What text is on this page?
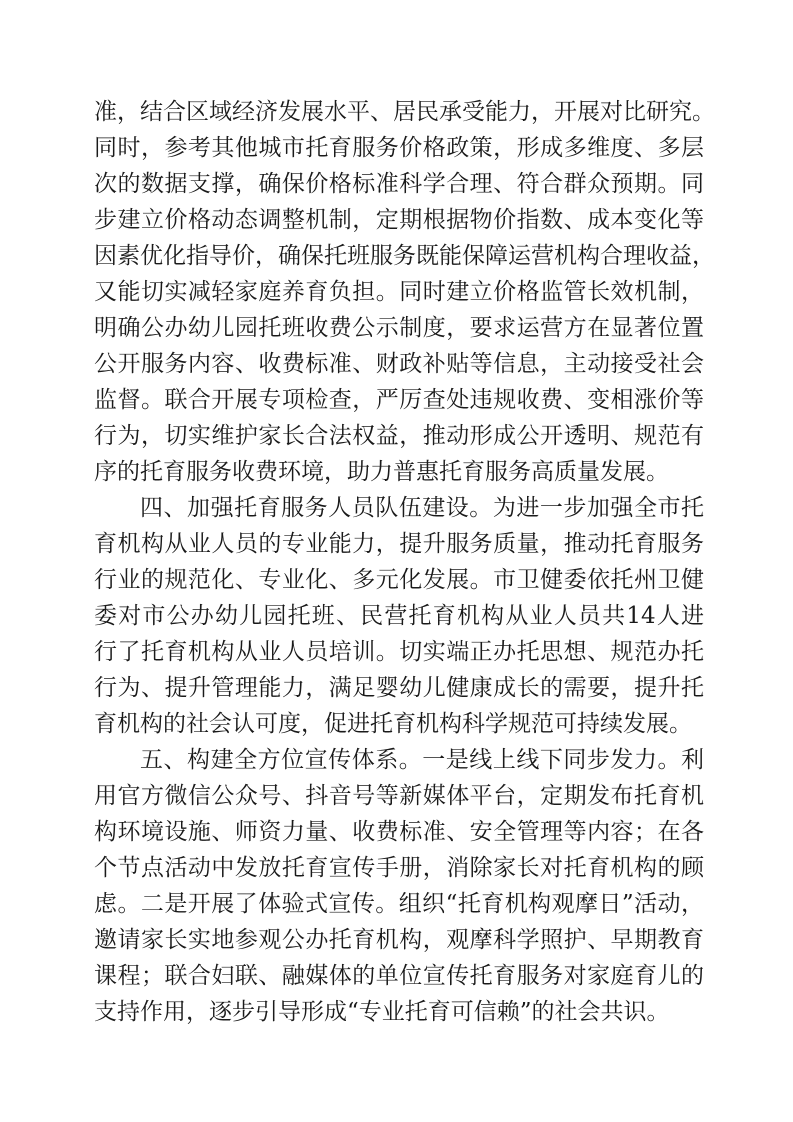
准，结合区域经济发展水平、居民承受能力，开展对比研究。
同时，参考其他城市托育服务价格政策，形成多维度、多层
次的数据支撑，确保价格标准科学合理、符合群众预期。同
步建立价格动态调整机制，定期根据物价指数、成本变化等
因素优化指导价，确保托班服务既能保障运营机构合理收益，
又能切实减轻家庭养育负担。同时建立价格监管长效机制，
明确公办幼儿园托班收费公示制度，要求运营方在显著位置
公开服务内容、收费标准、财政补贴等信息，主动接受社会
监督。联合开展专项检查，严厉查处违规收费、变相涨价等
行为，切实维护家长合法权益，推动形成公开透明、规范有
序的托育服务收费环境，助力普惠托育服务高质量发展。
四、加强托育服务人员队伍建设。为进一步加强全市托
育机构从业人员的专业能力，提升服务质量，推动托育服务
行业的规范化、专业化、多元化发展。市卫健委依托州卫健
委对市公办幼儿园托班、民营托育机构从业人员共14人进
行了托育机构从业人员培训。切实端正办托思想、规范办托
行为、提升管理能力，满足婴幼儿健康成长的需要，提升托
育机构的社会认可度，促进托育机构科学规范可持续发展。
五、构建全方位宣传体系。一是线上线下同步发力。利
用官方微信公众号、抖音号等新媒体平台，定期发布托育机
构环境设施、师资力量、收费标准、安全管理等内容；在各
个节点活动中发放托育宣传手册，消除家长对托育机构的顾
虑。二是开展了体验式宣传。组织“托育机构观摩日”活动，
邀请家长实地参观公办托育机构，观摩科学照护、早期教育
课程；联合妇联、融媒体的单位宣传托育服务对家庭育儿的
支持作用，逐步引导形成“专业托育可信赖”的社会共识。
